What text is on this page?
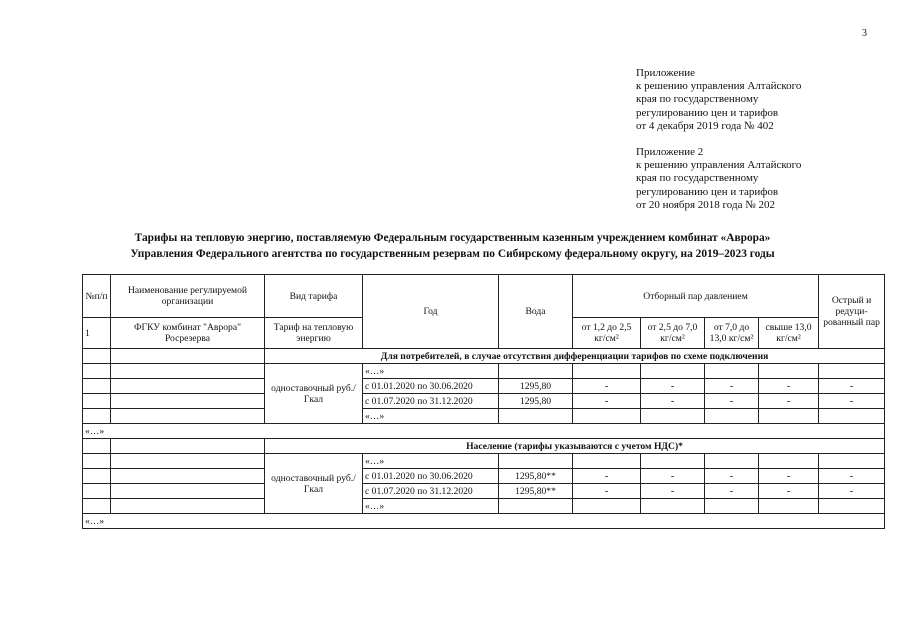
3
Приложение
к решению управления Алтайского
края по государственному
регулированию цен и тарифов
от 4 декабря 2019 года № 402
Приложение 2
к решению управления Алтайского
края по государственному
регулированию цен и тарифов
от 20 ноября 2018 года № 202
Тарифы на тепловую энергию, поставляемую Федеральным государственным казенным учреждением комбинат «Аврора»
Управления Федерального агентства по государственным резервам по Сибирскому федеральному округу, на 2019–2023 годы
№п/п	Наименование регулируемой организации	Вид тарифа	Год	Вода	Отборный пар давлением				Острый и редуци-рованный пар
1	ФГКУ комбинат "Аврора" Росрезерва	Тариф на тепловую энергию			от 1,2 до 2,5 кг/см²	от 2,5 до 7,0 кг/см²	от 7,0 до 13,0 кг/см²	свыше 13,0 кг/см²	
		Для потребителей, в случае отсутствия дифференциации тарифов по схеме подключения							
		одноставочный руб./Гкал	«…»						
			с 01.01.2020 по 30.06.2020	1295,80	-	-	-	-	-
			с 01.07.2020 по 31.12.2020	1295,80	-	-	-	-	-
			«…»						
«…»									
		Население (тарифы указываются с учетом НДС)*							
		одноставочный руб./Гкал	«…»						
			с 01.01.2020 по 30.06.2020	1295,80**	-	-	-	-	-
			с 01.07.2020 по 31.12.2020	1295,80**	-	-	-	-	-
			«…»						
«…»									
